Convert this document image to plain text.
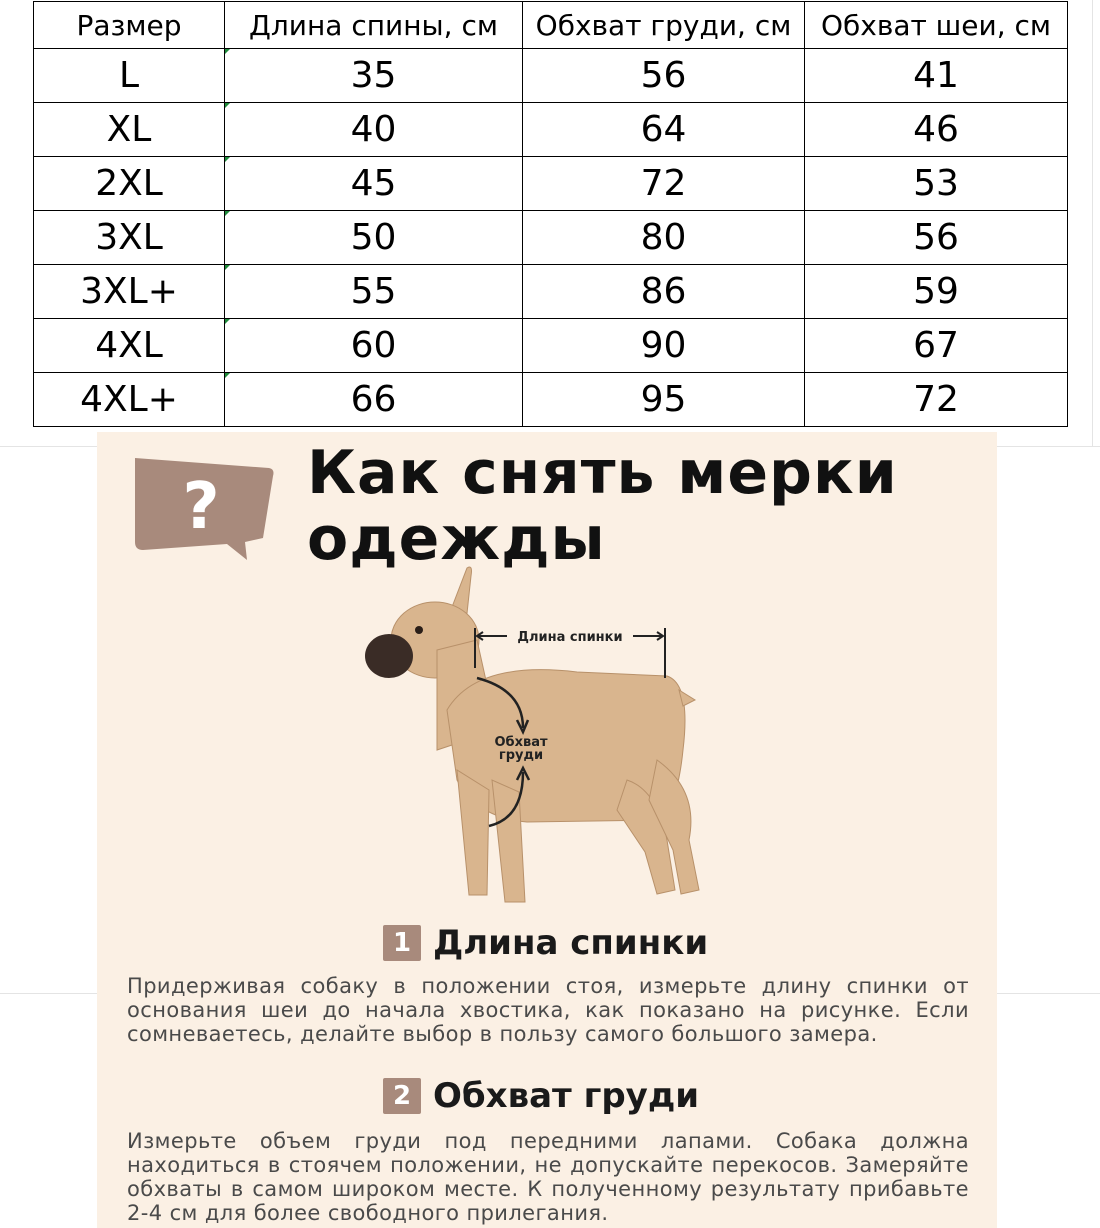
Размер	Длина спины, см	Обхват груди, см	Обхват шеи, см
L	35	56	41
XL	40	64	46
2XL	45	72	53
3XL	50	80	56
3XL+	55	86	59
4XL	60	90	67
4XL+	66	95	72
? Как снять мерки
одежды
Длина спинки
Обхват
груди
1 Длина спинки

Придерживая собаку в положении стоя, измерьте длину спинки от основания шеи до начала хвостика, как показано на рисунке. Если сомневаетесь, делайте выбор в пользу самого большого замера.

2 Обхват груди

Измерьте объем груди под передними лапами. Собака должна находиться в стоячем положении, не допускайте перекосов. Замеряйте обхваты в самом широком месте. К полученному результату прибавьте 2-4 см для более свободного прилегания.
